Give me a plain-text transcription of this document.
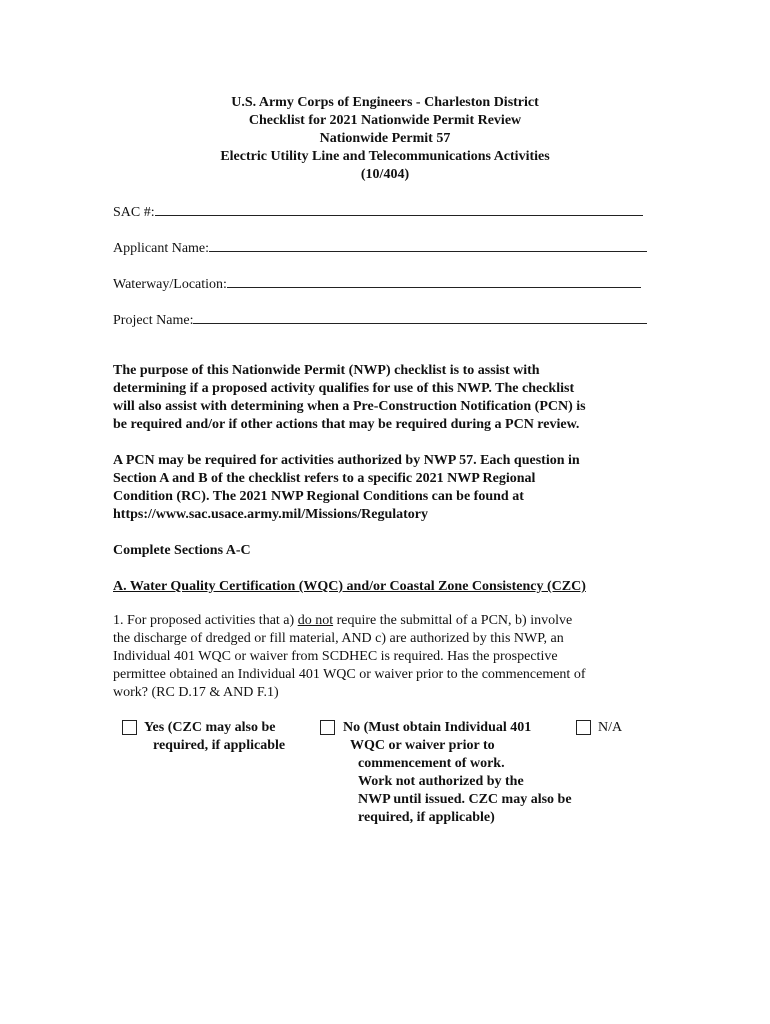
U.S. Army Corps of Engineers - Charleston District
Checklist for 2021 Nationwide Permit Review
Nationwide Permit 57
Electric Utility Line and Telecommunications Activities
(10/404)
SAC #:
Applicant Name:
Waterway/Location:
Project Name:
The purpose of this Nationwide Permit (NWP) checklist is to assist with
determining if a proposed activity qualifies for use of this NWP. The checklist
will also assist with determining when a Pre-Construction Notification (PCN) is
be required and/or if other actions that may be required during a PCN review.
A PCN may be required for activities authorized by NWP 57. Each question in
Section A and B of the checklist refers to a specific 2021 NWP Regional
Condition (RC). The 2021 NWP Regional Conditions can be found at
https://www.sac.usace.army.mil/Missions/Regulatory
Complete Sections A-C
A. Water Quality Certification (WQC) and/or Coastal Zone Consistency (CZC)
1. For proposed activities that a) do not require the submittal of a PCN, b) involve
the discharge of dredged or fill material, AND c) are authorized by this NWP, an
Individual 401 WQC or waiver from SCDHEC is required. Has the prospective
permittee obtained an Individual 401 WQC or waiver prior to the commencement of
work? (RC D.17 & AND F.1)
Yes (CZC may also be
required, if applicable
No (Must obtain Individual 401
WQC or waiver prior to
commencement of work.
Work not authorized by the
NWP until issued. CZC may also be
required, if applicable)
N/A
